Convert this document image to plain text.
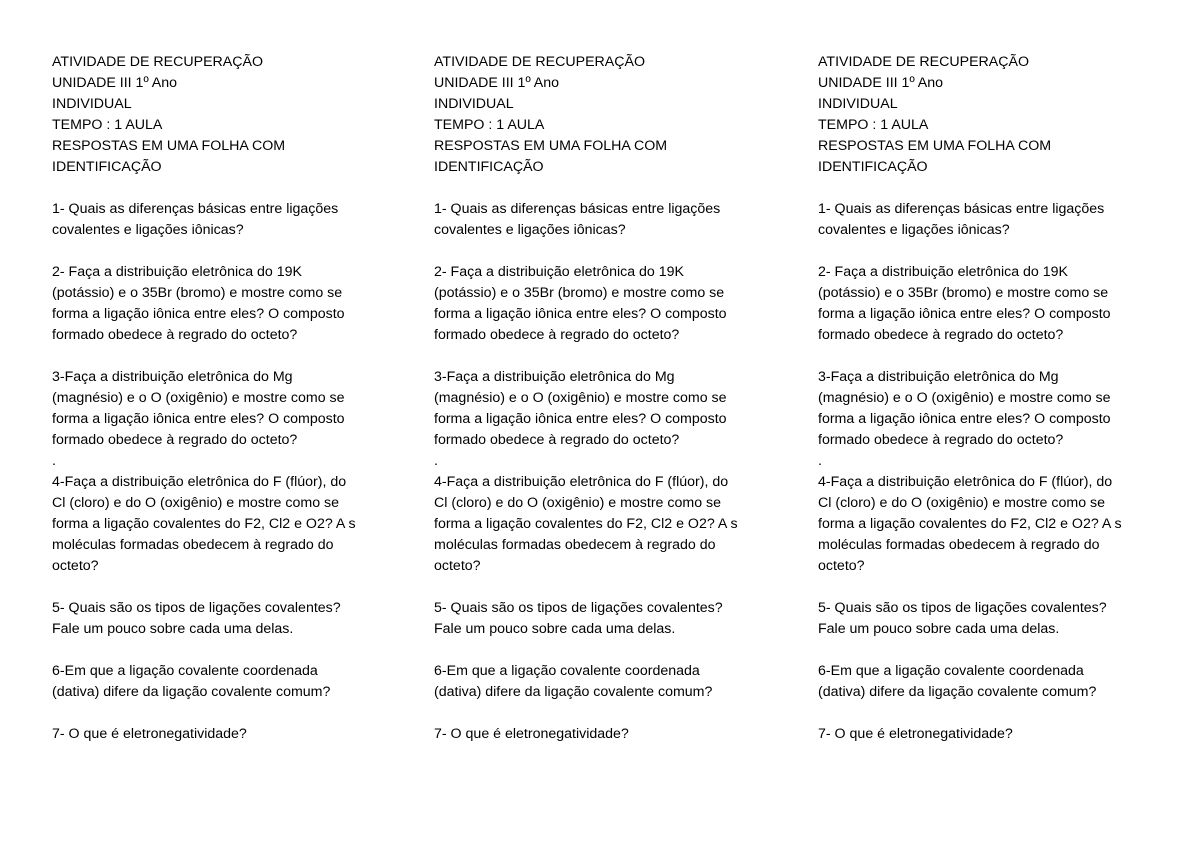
ATIVIDADE DE RECUPERAÇÃO
UNIDADE III 1º Ano
INDIVIDUAL
TEMPO : 1 AULA
RESPOSTAS EM UMA FOLHA COM
IDENTIFICAÇÃO
1- Quais as diferenças básicas entre ligações
covalentes e ligações iônicas?
2- Faça a distribuição eletrônica do 19K
(potássio) e o 35Br (bromo) e mostre como se
forma a ligação iônica entre eles? O composto
formado obedece à regrado do octeto?
3-Faça a distribuição eletrônica do Mg
(magnésio) e o O (oxigênio) e mostre como se
forma a ligação iônica entre eles? O composto
formado obedece à regrado do octeto?
.
4-Faça a distribuição eletrônica do F (flúor), do
Cl (cloro) e do O (oxigênio) e mostre como se
forma a ligação covalentes do F2, Cl2 e O2? A s
moléculas formadas obedecem à regrado do
octeto?
5- Quais são os tipos de ligações covalentes?
Fale um pouco sobre cada uma delas.
6-Em que a ligação covalente coordenada
(dativa) difere da ligação covalente comum?
7- O que é eletronegatividade?
ATIVIDADE DE RECUPERAÇÃO
UNIDADE III 1º Ano
INDIVIDUAL
TEMPO : 1 AULA
RESPOSTAS EM UMA FOLHA COM
IDENTIFICAÇÃO
1- Quais as diferenças básicas entre ligações
covalentes e ligações iônicas?
2- Faça a distribuição eletrônica do 19K
(potássio) e o 35Br (bromo) e mostre como se
forma a ligação iônica entre eles? O composto
formado obedece à regrado do octeto?
3-Faça a distribuição eletrônica do Mg
(magnésio) e o O (oxigênio) e mostre como se
forma a ligação iônica entre eles? O composto
formado obedece à regrado do octeto?
.
4-Faça a distribuição eletrônica do F (flúor), do
Cl (cloro) e do O (oxigênio) e mostre como se
forma a ligação covalentes do F2, Cl2 e O2? A s
moléculas formadas obedecem à regrado do
octeto?
5- Quais são os tipos de ligações covalentes?
Fale um pouco sobre cada uma delas.
6-Em que a ligação covalente coordenada
(dativa) difere da ligação covalente comum?
7- O que é eletronegatividade?
ATIVIDADE DE RECUPERAÇÃO
UNIDADE III 1º Ano
INDIVIDUAL
TEMPO : 1 AULA
RESPOSTAS EM UMA FOLHA COM
IDENTIFICAÇÃO
1- Quais as diferenças básicas entre ligações
covalentes e ligações iônicas?
2- Faça a distribuição eletrônica do 19K
(potássio) e o 35Br (bromo) e mostre como se
forma a ligação iônica entre eles? O composto
formado obedece à regrado do octeto?
3-Faça a distribuição eletrônica do Mg
(magnésio) e o O (oxigênio) e mostre como se
forma a ligação iônica entre eles? O composto
formado obedece à regrado do octeto?
.
4-Faça a distribuição eletrônica do F (flúor), do
Cl (cloro) e do O (oxigênio) e mostre como se
forma a ligação covalentes do F2, Cl2 e O2? A s
moléculas formadas obedecem à regrado do
octeto?
5- Quais são os tipos de ligações covalentes?
Fale um pouco sobre cada uma delas.
6-Em que a ligação covalente coordenada
(dativa) difere da ligação covalente comum?
7- O que é eletronegatividade?
